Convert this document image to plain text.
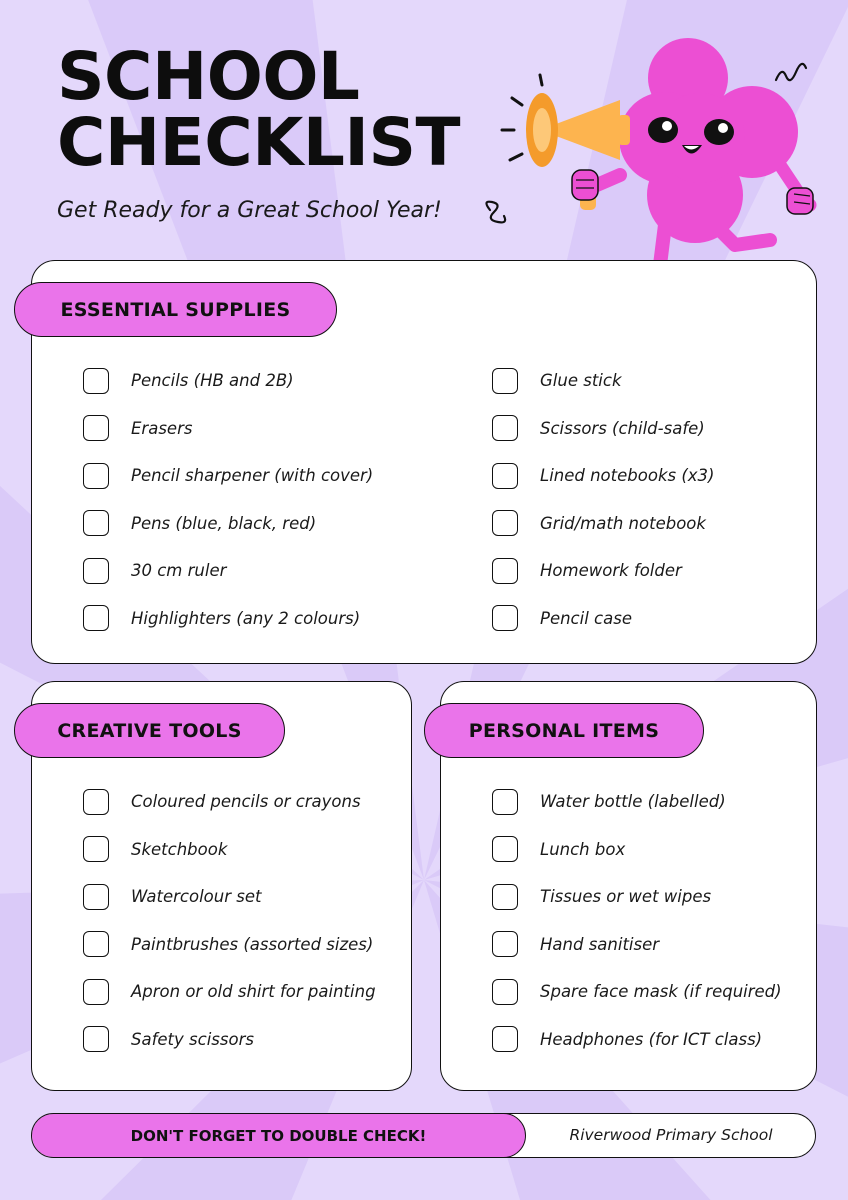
SCHOOL
CHECKLIST
Get Ready for a Great School Year!
ESSENTIAL SUPPLIES
Pencils (HB and 2B)
Erasers
Pencil sharpener (with cover)
Pens (blue, black, red)
30 cm ruler
Highlighters (any 2 colours)
Glue stick
Scissors (child-safe)
Lined notebooks (x3)
Grid/math notebook
Homework folder
Pencil case
CREATIVE TOOLS
Coloured pencils or crayons
Sketchbook
Watercolour set
Paintbrushes (assorted sizes)
Apron or old shirt for painting
Safety scissors
PERSONAL ITEMS
Water bottle (labelled)
Lunch box
Tissues or wet wipes
Hand sanitiser
Spare face mask (if required)
Headphones (for ICT class)
DON'T FORGET TO DOUBLE CHECK!	Riverwood Primary School
